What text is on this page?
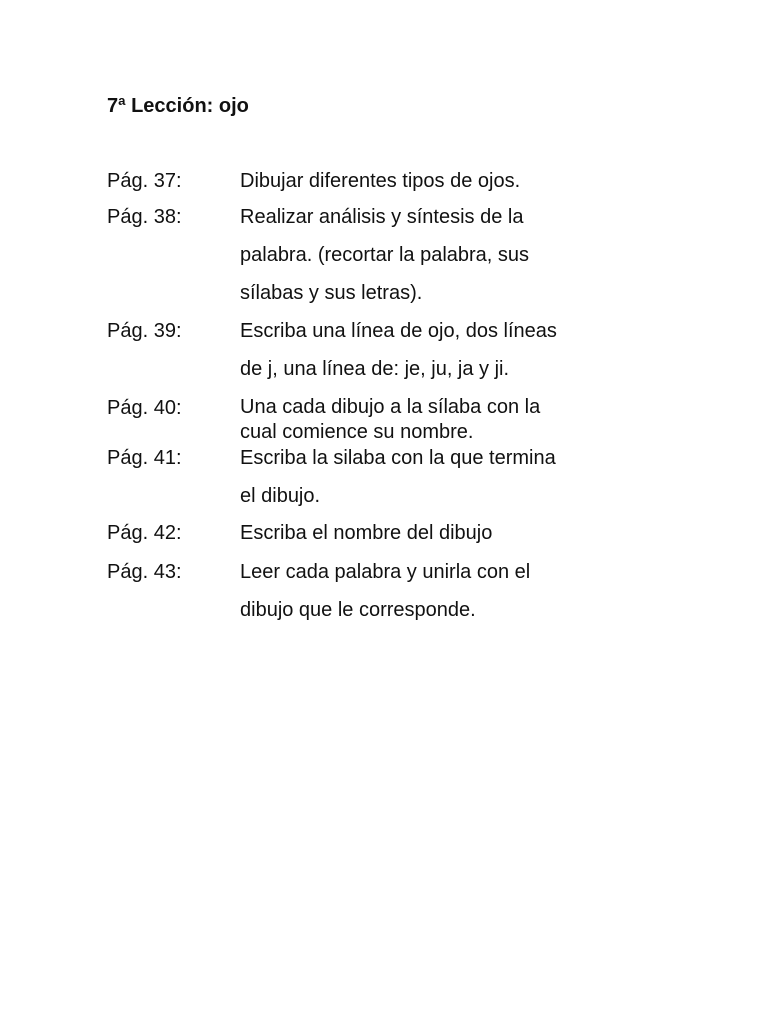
7ª Lección: ojo
Pág. 37:	Dibujar diferentes tipos de ojos.
Pág. 38:	Realizar análisis y síntesis de la
palabra. (recortar la palabra, sus
sílabas y sus letras).
Pág. 39:	Escriba una línea de ojo, dos líneas
de j, una línea de: je, ju, ja y ji.
Pág. 40:	Una cada dibujo a la sílaba con la
cual comience su nombre.
Pág. 41:	Escriba la silaba con la que termina
el dibujo.
Pág. 42:	Escriba el nombre del dibujo
Pág. 43:	Leer cada palabra y unirla con el
dibujo que le corresponde.
